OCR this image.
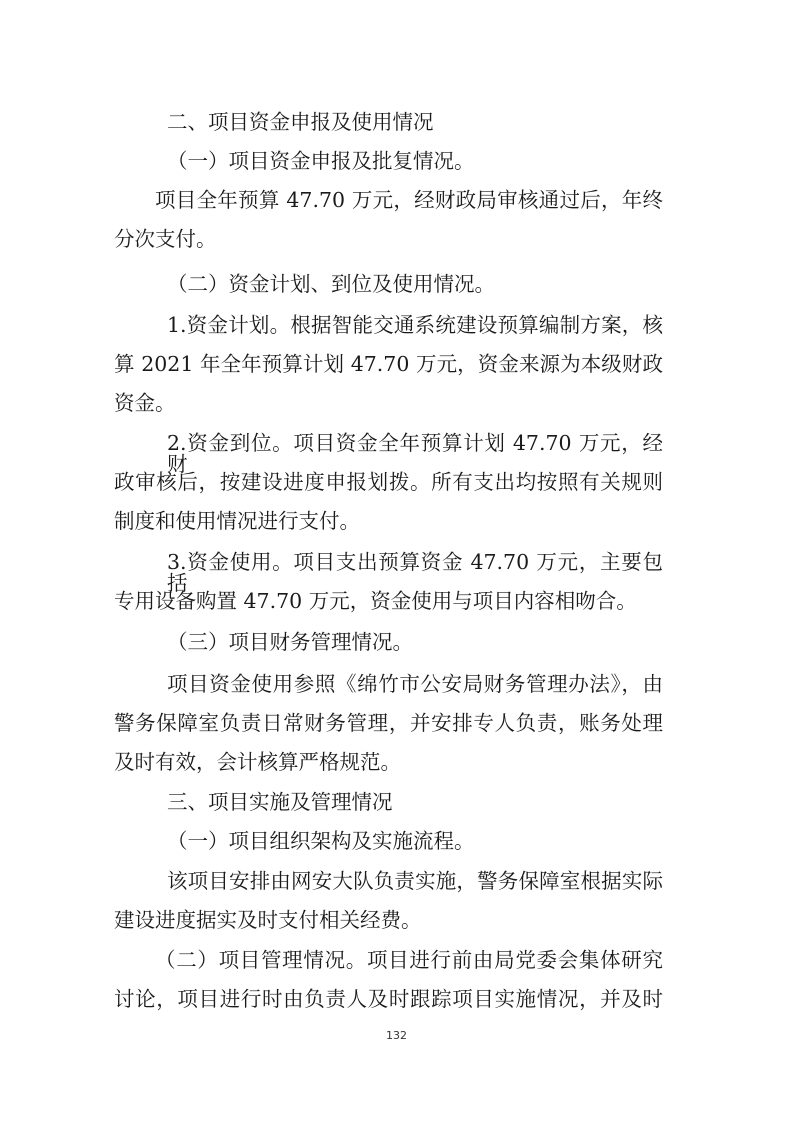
二、项目资金申报及使用情况
（一）项目资金申报及批复情况。
项目全年预算 47.70 万元，经财政局审核通过后，年终
分次支付。
（二）资金计划、到位及使用情况。
1.资金计划。根据智能交通系统建设预算编制方案，核
算 2021 年全年预算计划 47.70 万元，资金来源为本级财政
资金。
2.资金到位。项目资金全年预算计划 47.70 万元，经财
政审核后，按建设进度申报划拨。所有支出均按照有关规则
制度和使用情况进行支付。
3.资金使用。项目支出预算资金 47.70 万元，主要包括
专用设备购置 47.70 万元，资金使用与项目内容相吻合。
（三）项目财务管理情况。
项目资金使用参照《绵竹市公安局财务管理办法》，由
警务保障室负责日常财务管理，并安排专人负责，账务处理
及时有效，会计核算严格规范。
三、项目实施及管理情况
（一）项目组织架构及实施流程。
该项目安排由网安大队负责实施，警务保障室根据实际
建设进度据实及时支付相关经费。
（二）项目管理情况。项目进行前由局党委会集体研究
讨论，项目进行时由负责人及时跟踪项目实施情况，并及时
132
